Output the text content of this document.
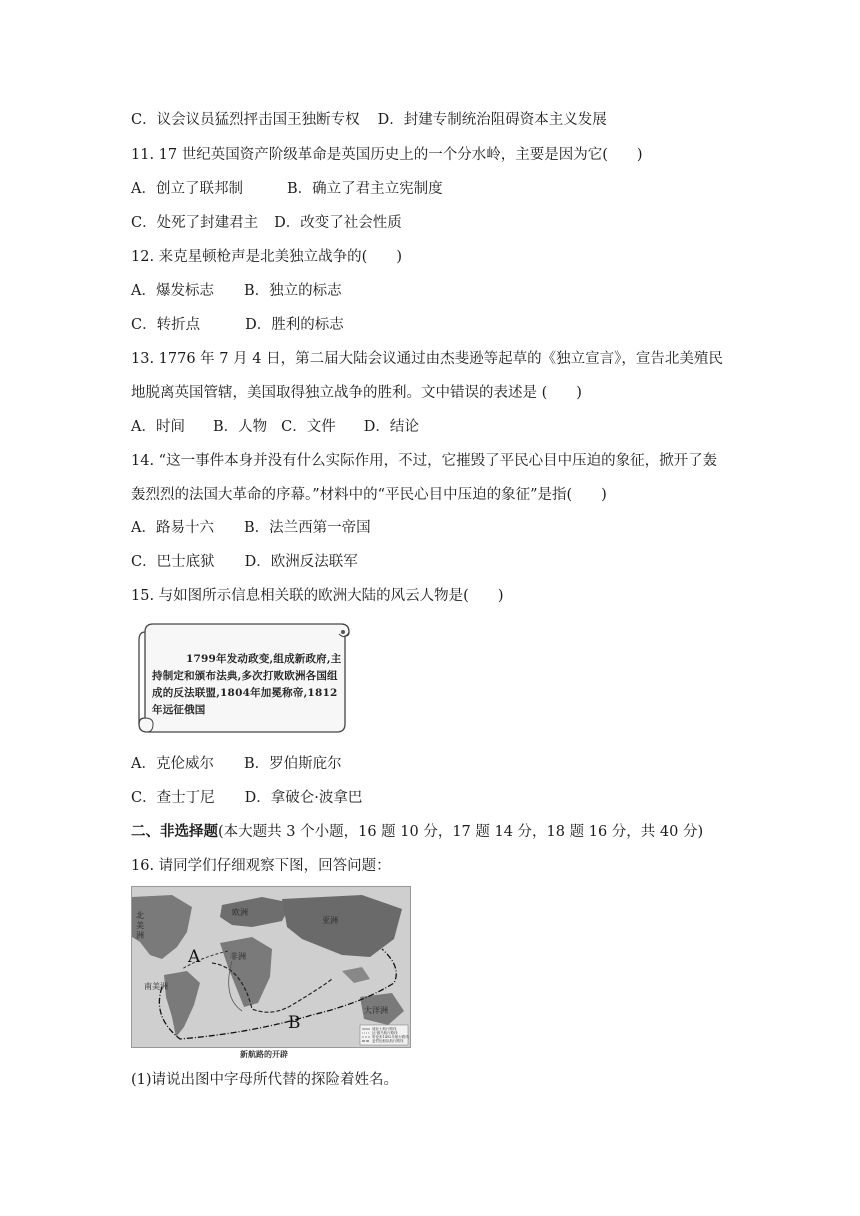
C．议会议员猛烈抨击国王独断专权 D．封建专制统治阻碍资本主义发展
11. 17 世纪英国资产阶级革命是英国历史上的一个分水岭，主要是因为它(　　)
A．创立了联邦制	B．确立了君主立宪制度
C．处死了封建君主 D．改变了社会性质
12. 来克星顿枪声是北美独立战争的(　　)
A．爆发标志 B．独立的标志
C．转折点	D．胜利的标志
13. 1776 年 7 月 4 日，第二届大陆会议通过由杰斐逊等起草的《独立宣言》，宣告北美殖民
地脱离英国管辖，美国取得独立战争的胜利。文中错误的表述是 (　　)
A．时间 B．人物 C．文件 D．结论
14. “这一事件本身并没有什么实际作用，不过，它摧毁了平民心目中压迫的象征，掀开了轰
轰烈烈的法国大革命的序幕。”材料中的“平民心目中压迫的象征”是指(　　)
A．路易十六 B．法兰西第一帝国
C．巴士底狱 D．欧洲反法联军
15. 与如图所示信息相关联的欧洲大陆的风云人物是(　　)
1799年发动政变,组成新政府,主持制定和颁布法典,多次打败欧洲各国组成的反法联盟,1804年加冕称帝,1812年远征俄国
A．克伦威尔 B．罗伯斯庇尔
C．查士丁尼 D．拿破仑·波拿巴
二、非选择题(本大题共 3 个小题，16 题 10 分，17 题 14 分，18 题 16 分，共 40 分)
16. 请同学们仔细观察下图，回答问题：
北美洲
欧洲
亚洲
非洲
南美洲
大洋洲
A
B	迪亚士航行路线
达·伽马航行路线
哥伦布1492年航行路线
麦哲伦船队航行路线
新航路的开辟
(1)请说出图中字母所代替的探险着姓名。
